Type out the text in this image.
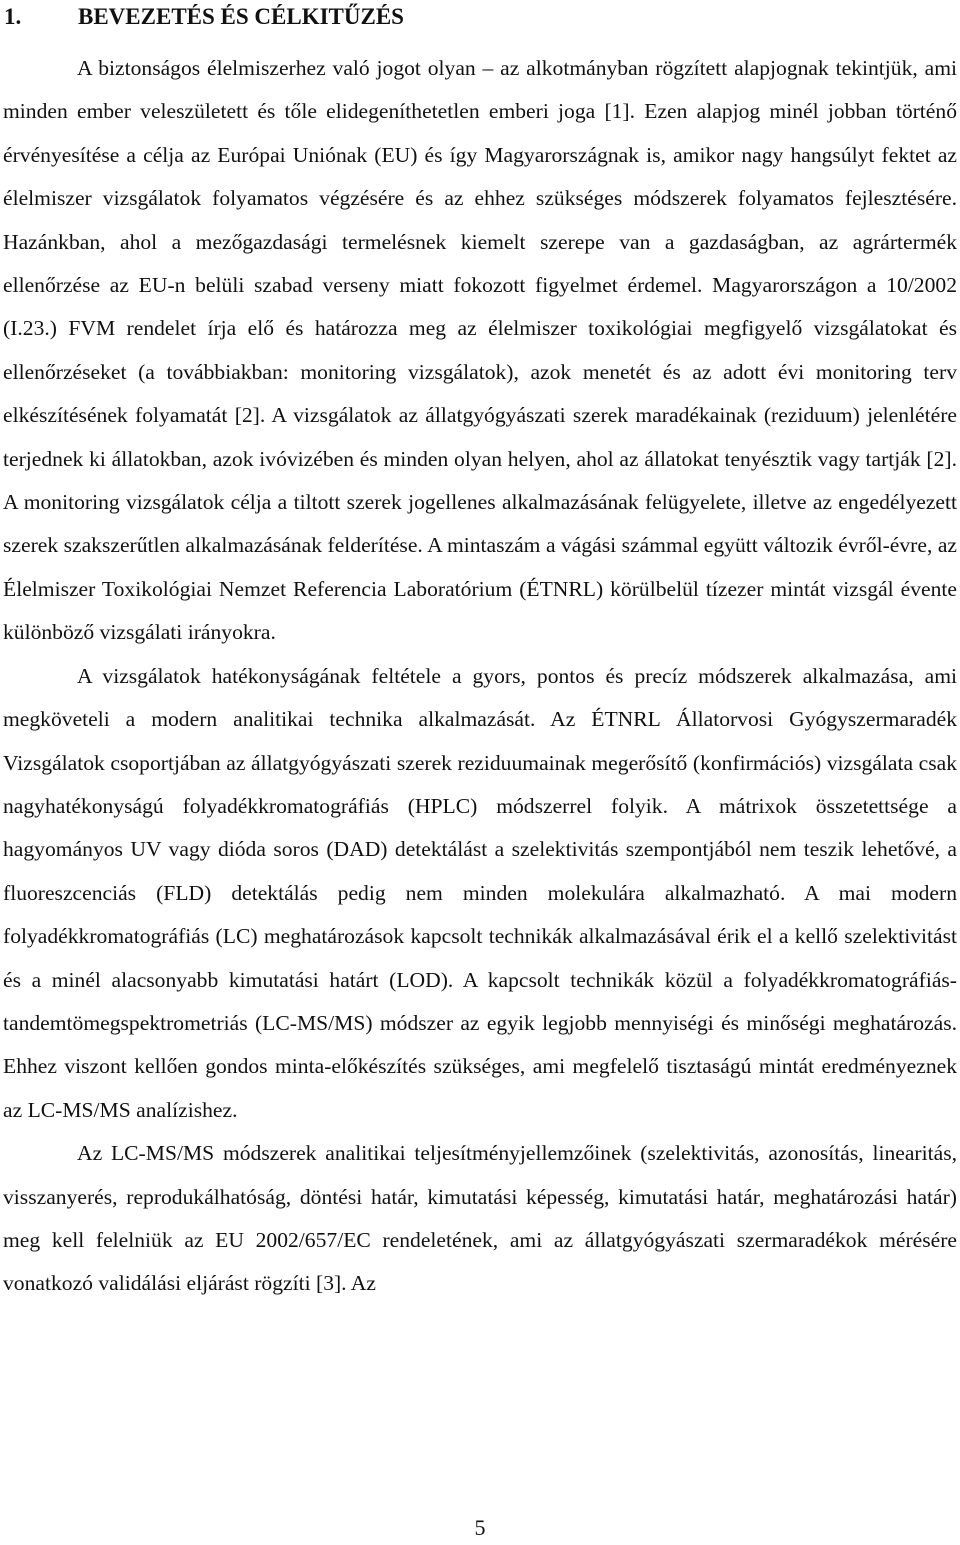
1. BEVEZETÉS ÉS CÉLKITŰZÉS

A biztonságos élelmiszerhez való jogot olyan – az alkotmányban rögzített alapjognak tekintjük, ami minden ember veleszületett és tőle elidegeníthetetlen emberi joga [1]. Ezen alapjog minél jobban történő érvényesítése a célja az Európai Uniónak (EU) és így Magyarországnak is, amikor nagy hangsúlyt fektet az élelmiszer vizsgálatok folyamatos végzésére és az ehhez szükséges módszerek folyamatos fejlesztésére. Hazánkban, ahol a mezőgazdasági termelésnek kiemelt szerepe van a gazdaságban, az agrártermék ellenőrzése az EU-n belüli szabad verseny miatt fokozott figyelmet érdemel. Magyarországon a 10/2002 (I.23.) FVM rendelet írja elő és határozza meg az élelmiszer toxikológiai megfigyelő vizsgálatokat és ellenőrzéseket (a továbbiakban: monitoring vizsgálatok), azok menetét és az adott évi monitoring terv elkészítésének folyamatát [2]. A vizsgálatok az állatgyógyászati szerek maradékainak (reziduum) jelenlétére terjednek ki állatokban, azok ivóvizében és minden olyan helyen, ahol az állatokat tenyésztik vagy tartják [2]. A monitoring vizsgálatok célja a tiltott szerek jogellenes alkalmazásának felügyelete, illetve az engedélyezett szerek szakszerűtlen alkalmazásának felderítése. A mintaszám a vágási számmal együtt változik évről-évre, az Élelmiszer Toxikológiai Nemzet Referencia Laboratórium (ÉTNRL) körülbelül tízezer mintát vizsgál évente különböző vizsgálati irányokra.

A vizsgálatok hatékonyságának feltétele a gyors, pontos és precíz módszerek alkalmazása, ami megköveteli a modern analitikai technika alkalmazását. Az ÉTNRL Állatorvosi Gyógyszermaradék Vizsgálatok csoportjában az állatgyógyászati szerek reziduumainak megerősítő (konfirmációs) vizsgálata csak nagyhatékonyságú folyadékkromatográfiás (HPLC) módszerrel folyik. A mátrixok összetettsége a hagyományos UV vagy dióda soros (DAD) detektálást a szelektivitás szempontjából nem teszik lehetővé, a fluoreszcenciás (FLD) detektálás pedig nem minden molekulára alkalmazható. A mai modern folyadékkromatográfiás (LC) meghatározások kapcsolt technikák alkalmazásával érik el a kellő szelektivitást és a minél alacsonyabb kimutatási határt (LOD). A kapcsolt technikák közül a folyadékkromatográfiás-tandemtömegspektrometriás (LC-MS/MS) módszer az egyik legjobb mennyiségi és minőségi meghatározás. Ehhez viszont kellően gondos minta-előkészítés szükséges, ami megfelelő tisztaságú mintát eredményeznek az LC-MS/MS analízishez.

Az LC-MS/MS módszerek analitikai teljesítményjellemzőinek (szelektivitás, azonosítás, linearitás, visszanyerés, reprodukálhatóság, döntési határ, kimutatási képesség, kimutatási határ, meghatározási határ) meg kell felelniük az EU 2002/657/EC rendeletének, ami az állatgyógyászati szermaradékok mérésére vonatkozó validálási eljárást rögzíti [3]. Az

5
